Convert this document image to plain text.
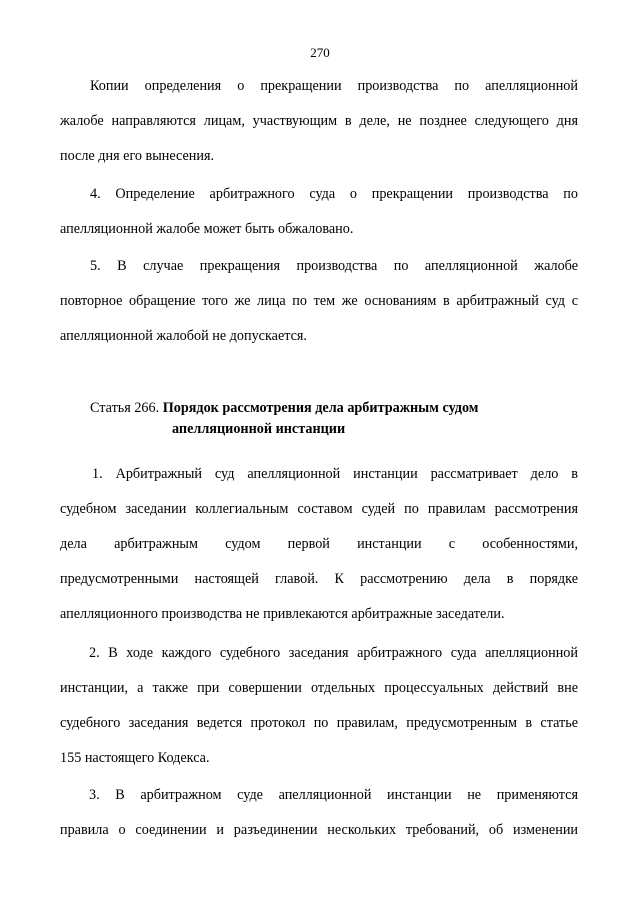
270
Копии определения о прекращении производства по апелляционной
жалобе направляются лицам, участвующим в деле, не позднее следующего дня
после дня его вынесения.
4. Определение арбитражного суда о прекращении производства по
апелляционной жалобе может быть обжаловано.
5. В случае прекращения производства по апелляционной жалобе
повторное обращение того же лица по тем же основаниям в арбитражный суд с
апелляционной жалобой не допускается.
Статья 266. Порядок рассмотрения дела арбитражным судом
апелляционной инстанции
1. Арбитражный суд апелляционной инстанции рассматривает дело в
судебном заседании коллегиальным составом судей по правилам рассмотрения
дела арбитражным судом первой инстанции с особенностями,
предусмотренными настоящей главой. К рассмотрению дела в порядке
апелляционного производства не привлекаются арбитражные заседатели.
2. В ходе каждого судебного заседания арбитражного суда апелляционной
инстанции, а также при совершении отдельных процессуальных действий вне
судебного заседания ведется протокол по правилам, предусмотренным в статье
155 настоящего Кодекса.
3. В арбитражном суде апелляционной инстанции не применяются
правила о соединении и разъединении нескольких требований, об изменении
